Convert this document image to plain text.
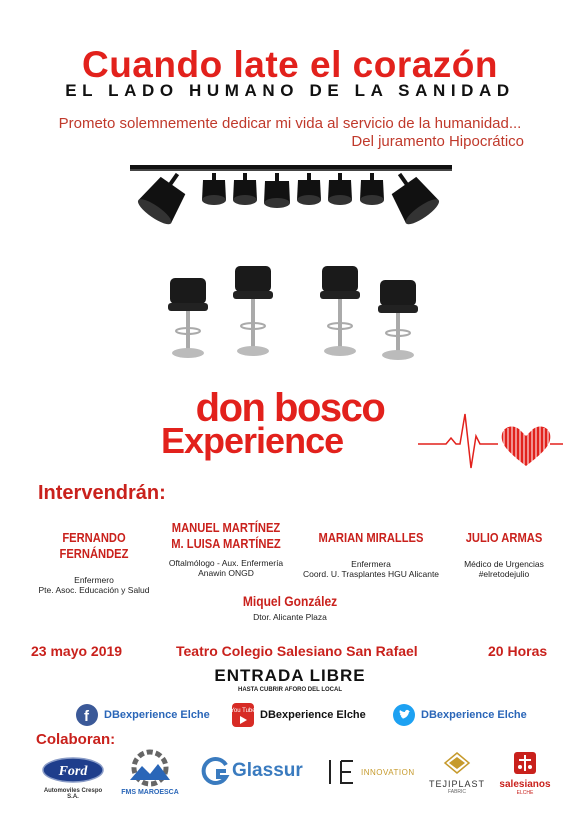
Cuando late el corazón
EL LADO HUMANO DE LA SANIDAD
Prometo solemnemente dedicar mi vida al servicio de la humanidad...
Del juramento Hipocrático
don bosco
Experience
Intervendrán:
FERNANDO FERNÁNDEZ
Enfermero
Pte. Asoc. Educación y Salud
MANUEL MARTÍNEZ
M. LUISA MARTÍNEZ
Oftalmólogo - Aux. Enfermería
Anawin ONGD
MARIAN MIRALLES
Enfermera
Coord. U. Trasplantes HGU Alicante
JULIO ARMAS
Médico de Urgencias
#elretodejulio
Miquel González
Dtor. Alicante Plaza
23 mayo 2019	Teatro Colegio Salesiano San Rafael	20 Horas
ENTRADA LIBRE
HASTA CUBRIR AFORO DEL LOCAL
f DBexperience Elche	You Tube DBexperience Elche	DBexperience Elche
Colaboran:
Ford
Automoviles Crespo S.A.
FMS MAROESCA
Glassur	INNOVATION
TEJIPLAST
FABRIC
salesianos
ELCHE
